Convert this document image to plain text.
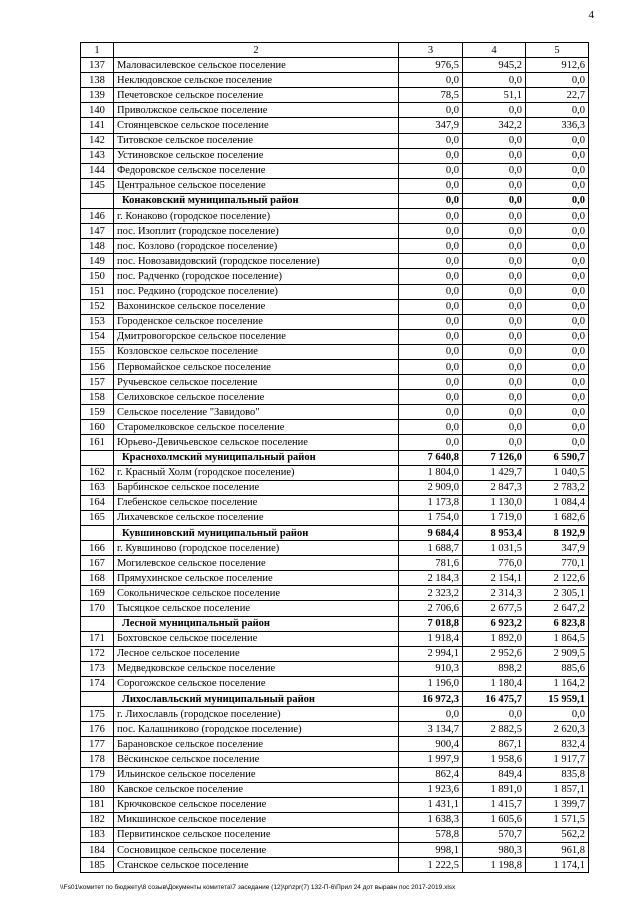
4
1	2	3	4	5
137	Маловасилевское сельское поселение	976,5	945,2	912,6
138	Неклюдовское сельское поселение	0,0	0,0	0,0
139	Печетовское сельское поселение	78,5	51,1	22,7
140	Приволжское сельское поселение	0,0	0,0	0,0
141	Стоянцевское сельское поселение	347,9	342,2	336,3
142	Титовское сельское поселение	0,0	0,0	0,0
143	Устиновское сельское поселение	0,0	0,0	0,0
144	Федоровское сельское поселение	0,0	0,0	0,0
145	Центральное сельское поселение	0,0	0,0	0,0
	Конаковский муниципальный район	0,0	0,0	0,0
146	г. Конаково (городское поселение)	0,0	0,0	0,0
147	пос. Изоплит (городское поселение)	0,0	0,0	0,0
148	пос. Козлово (городское поселение)	0,0	0,0	0,0
149	пос. Новозавидовский (городское поселение)	0,0	0,0	0,0
150	пос. Радченко (городское поселение)	0,0	0,0	0,0
151	пос. Редкино (городское поселение)	0,0	0,0	0,0
152	Вахонинское сельское поселение	0,0	0,0	0,0
153	Городенское сельское поселение	0,0	0,0	0,0
154	Дмитровогорское сельское поселение	0,0	0,0	0,0
155	Козловское сельское поселение	0,0	0,0	0,0
156	Первомайское сельское поселение	0,0	0,0	0,0
157	Ручьевское сельское поселение	0,0	0,0	0,0
158	Селиховское сельское поселение	0,0	0,0	0,0
159	Сельское поселение "Завидово"	0,0	0,0	0,0
160	Старомелковское сельское поселение	0,0	0,0	0,0
161	Юрьево-Девичьевское сельское поселение	0,0	0,0	0,0
	Краснохолмский муниципальный район	7 640,8	7 126,0	6 590,7
162	г. Красный Холм (городское поселение)	1 804,0	1 429,7	1 040,5
163	Барбинское сельское поселение	2 909,0	2 847,3	2 783,2
164	Глебенское сельское поселение	1 173,8	1 130,0	1 084,4
165	Лихачевское сельское поселение	1 754,0	1 719,0	1 682,6
	Кувшиновский муниципальный район	9 684,4	8 953,4	8 192,9
166	г. Кувшиново (городское поселение)	1 688,7	1 031,5	347,9
167	Могилевское сельское поселение	781,6	776,0	770,1
168	Прямухинское сельское поселение	2 184,3	2 154,1	2 122,6
169	Сокольническое сельское поселение	2 323,2	2 314,3	2 305,1
170	Тысяцкое сельское поселение	2 706,6	2 677,5	2 647,2
	Лесной муниципальный район	7 018,8	6 923,2	6 823,8
171	Бохтовское сельское поселение	1 918,4	1 892,0	1 864,5
172	Лесное сельское поселение	2 994,1	2 952,6	2 909,5
173	Медведковское сельское поселение	910,3	898,2	885,6
174	Сорогожское сельское поселение	1 196,0	1 180,4	1 164,2
	Лихославльский муниципальный район	16 972,3	16 475,7	15 959,1
175	г. Лихославль (городское поселение)	0,0	0,0	0,0
176	пос. Калашниково (городское поселение)	3 134,7	2 882,5	2 620,3
177	Барановское сельское поселение	900,4	867,1	832,4
178	Вёскинское сельское поселение	1 997,9	1 958,6	1 917,7
179	Ильинское сельское поселение	862,4	849,4	835,8
180	Кавское сельское поселение	1 923,6	1 891,0	1 857,1
181	Крючковское сельское поселение	1 431,1	1 415,7	1 399,7
182	Микшинское сельское поселение	1 638,3	1 605,6	1 571,5
183	Первитинское сельское поселение	578,8	570,7	562,2
184	Сосновицкое сельское поселение	998,1	980,3	961,8
185	Станское сельское поселение	1 222,5	1 198,8	1 174,1
\\Fs01\комитет по бюджету\8 созыв\Документы комитета\7 заседание (12)\pr\zpr(7) 132-П-6\Прил 24 дот выравн пос 2017-2019.xlsx
